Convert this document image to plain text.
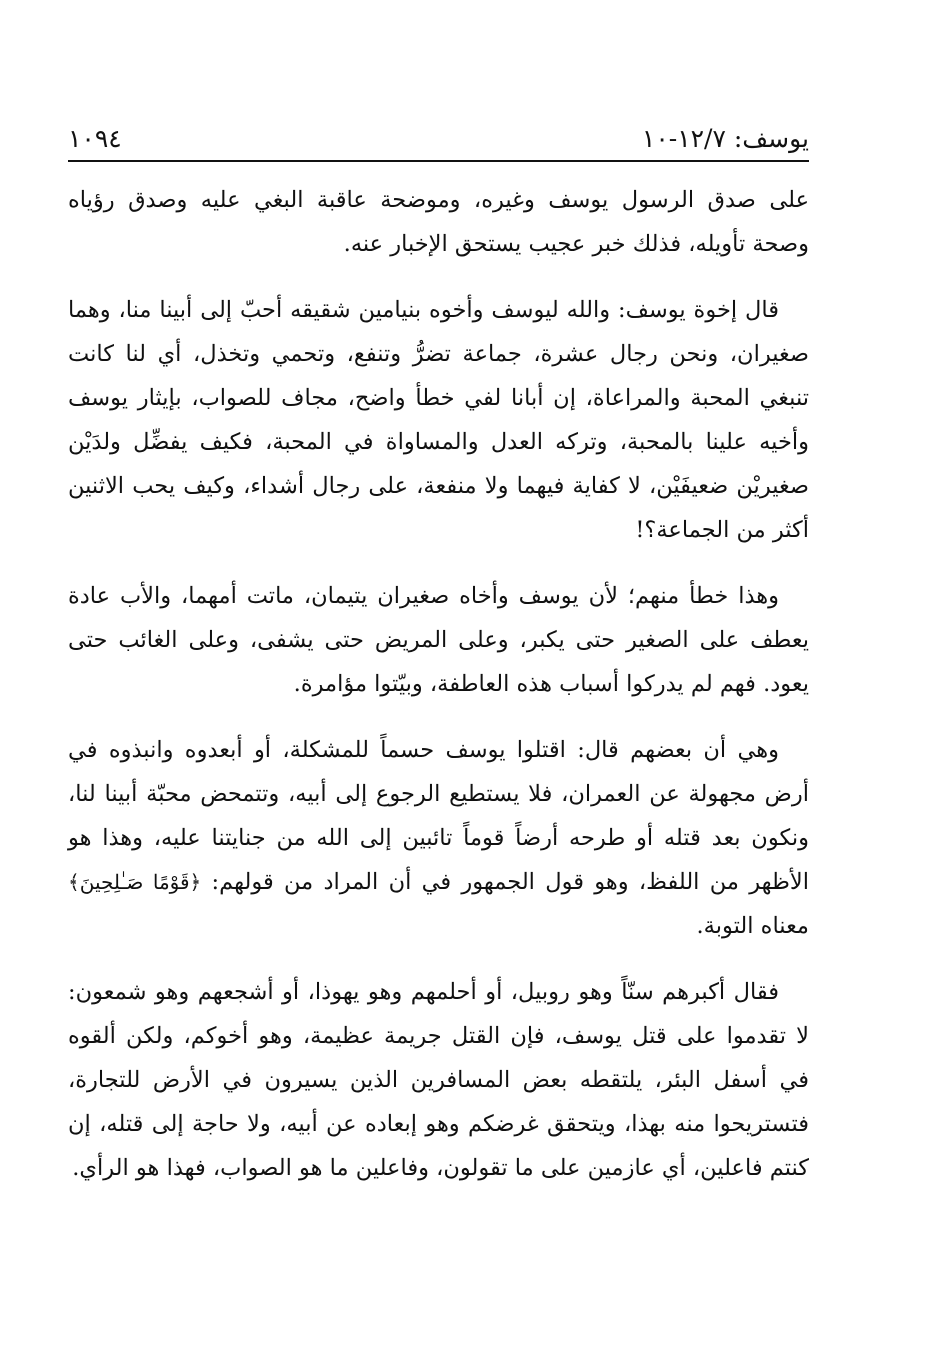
يوسف: ١٢/٧-١٠
١٠٩٤

على صدق الرسول يوسف وغيره، وموضحة عاقبة البغي عليه وصدق رؤياه وصحة تأويله، فذلك خبر عجيب يستحق الإخبار عنه.

قال إخوة يوسف: والله ليوسف وأخوه بنيامين شقيقه أحبّ إلى أبينا منا، وهما صغيران، ونحن رجال عشرة، جماعة تضرُّ وتنفع، وتحمي وتخذل، أي لنا كانت تنبغي المحبة والمراعاة، إن أبانا لفي خطأ واضح، مجاف للصواب، بإيثار يوسف وأخيه علينا بالمحبة، وتركه العدل والمساواة في المحبة، فكيف يفضِّل ولدَيْن صغيريْن ضعيفَيْن، لا كفاية فيهما ولا منفعة، على رجال أشداء، وكيف يحب الاثنين أكثر من الجماعة؟!

وهذا خطأ منهم؛ لأن يوسف وأخاه صغيران يتيمان، ماتت أمهما، والأب عادة يعطف على الصغير حتى يكبر، وعلى المريض حتى يشفى، وعلى الغائب حتى يعود. فهم لم يدركوا أسباب هذه العاطفة، وبيّتوا مؤامرة.

وهي أن بعضهم قال: اقتلوا يوسف حسماً للمشكلة، أو أبعدوه وانبذوه في أرض مجهولة عن العمران، فلا يستطيع الرجوع إلى أبيه، وتتمحض محبّة أبينا لنا، ونكون بعد قتله أو طرحه أرضاً قوماً تائبين إلى الله من جنايتنا عليه، وهذا هو الأظهر من اللفظ، وهو قول الجمهور في أن المراد من قولهم: ﴿قَوْمًا صَـٰلِحِينَ﴾ معناه التوبة.

فقال أكبرهم سنّاً وهو روبيل، أو أحلمهم وهو يهوذا، أو أشجعهم وهو شمعون: لا تقدموا على قتل يوسف، فإن القتل جريمة عظيمة، وهو أخوكم، ولكن ألقوه في أسفل البئر، يلتقطه بعض المسافرين الذين يسيرون في الأرض للتجارة، فتستريحوا منه بهذا، ويتحقق غرضكم وهو إبعاده عن أبيه، ولا حاجة إلى قتله، إن كنتم فاعلين، أي عازمين على ما تقولون، وفاعلين ما هو الصواب، فهذا هو الرأي.
